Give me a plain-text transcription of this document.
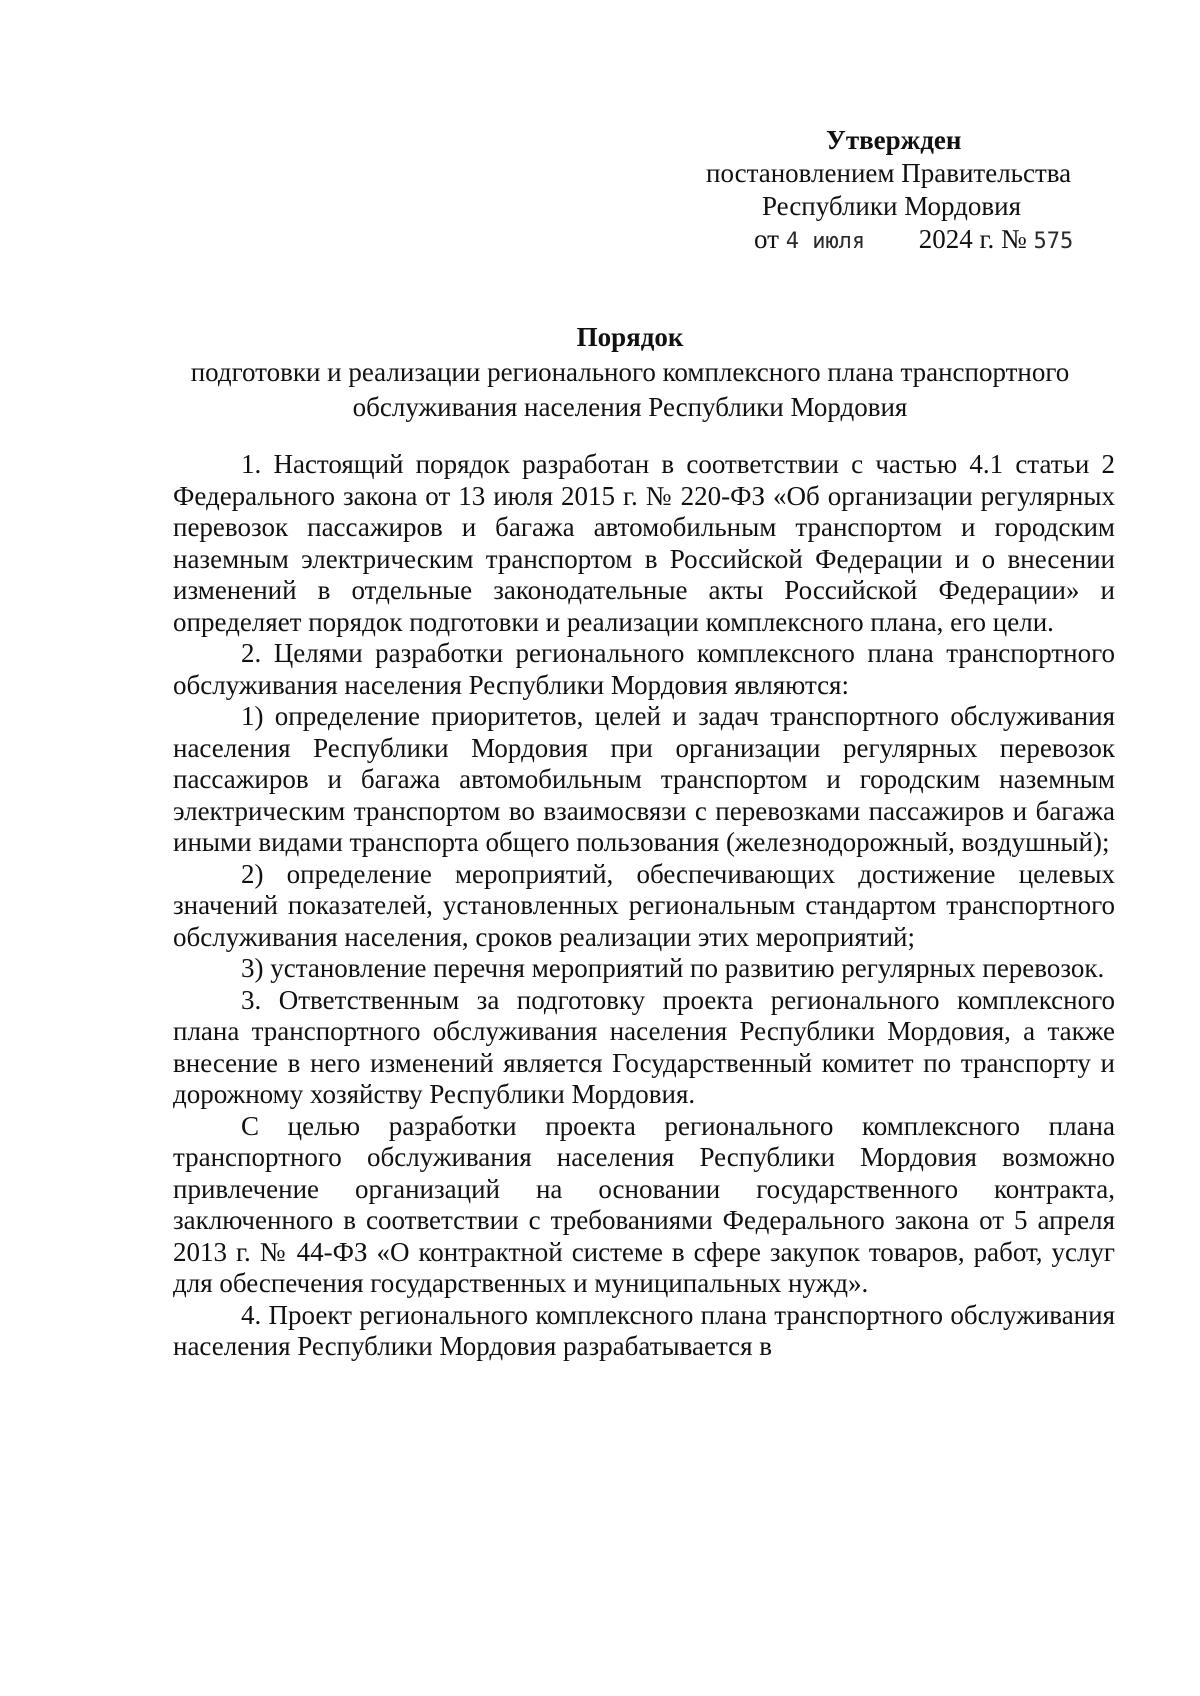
Утвержден
постановлением Правительства
Республики Мордовия
от 4 июля 2024 г. № 575
Порядок
подготовки и реализации регионального комплексного плана транспортного
обслуживания населения Республики Мордовия

1. Настоящий порядок разработан в соответствии с частью 4.1 статьи 2 Федерального закона от 13 июля 2015 г. № 220-ФЗ «Об организации регулярных перевозок пассажиров и багажа автомобильным транспортом и городским наземным электрическим транспортом в Российской Федерации и о внесении изменений в отдельные законодательные акты Российской Федерации» и определяет порядок подготовки и реализации комплексного плана, его цели.

2. Целями разработки регионального комплексного плана транспортного обслуживания населения Республики Мордовия являются:

1) определение приоритетов, целей и задач транспортного обслуживания населения Республики Мордовия при организации регулярных перевозок пассажиров и багажа автомобильным транспортом и городским наземным электрическим транспортом во взаимосвязи с перевозками пассажиров и багажа иными видами транспорта общего пользования (железнодорожный, воздушный);

2) определение мероприятий, обеспечивающих достижение целевых значений показателей, установленных региональным стандартом транспортного обслуживания населения, сроков реализации этих мероприятий;

3) установление перечня мероприятий по развитию регулярных перевозок.

3. Ответственным за подготовку проекта регионального комплексного плана транспортного обслуживания населения Республики Мордовия, а также внесение в него изменений является Государственный комитет по транспорту и дорожному хозяйству Республики Мордовия.

С целью разработки проекта регионального комплексного плана транспортного обслуживания населения Республики Мордовия возможно привлечение организаций на основании государственного контракта, заключенного в соответствии с требованиями Федерального закона от 5 апреля 2013 г. № 44-ФЗ «О контрактной системе в сфере закупок товаров, работ, услуг для обеспечения государственных и муниципальных нужд».

4. Проект регионального комплексного плана транспортного обслуживания населения Республики Мордовия разрабатывается в
